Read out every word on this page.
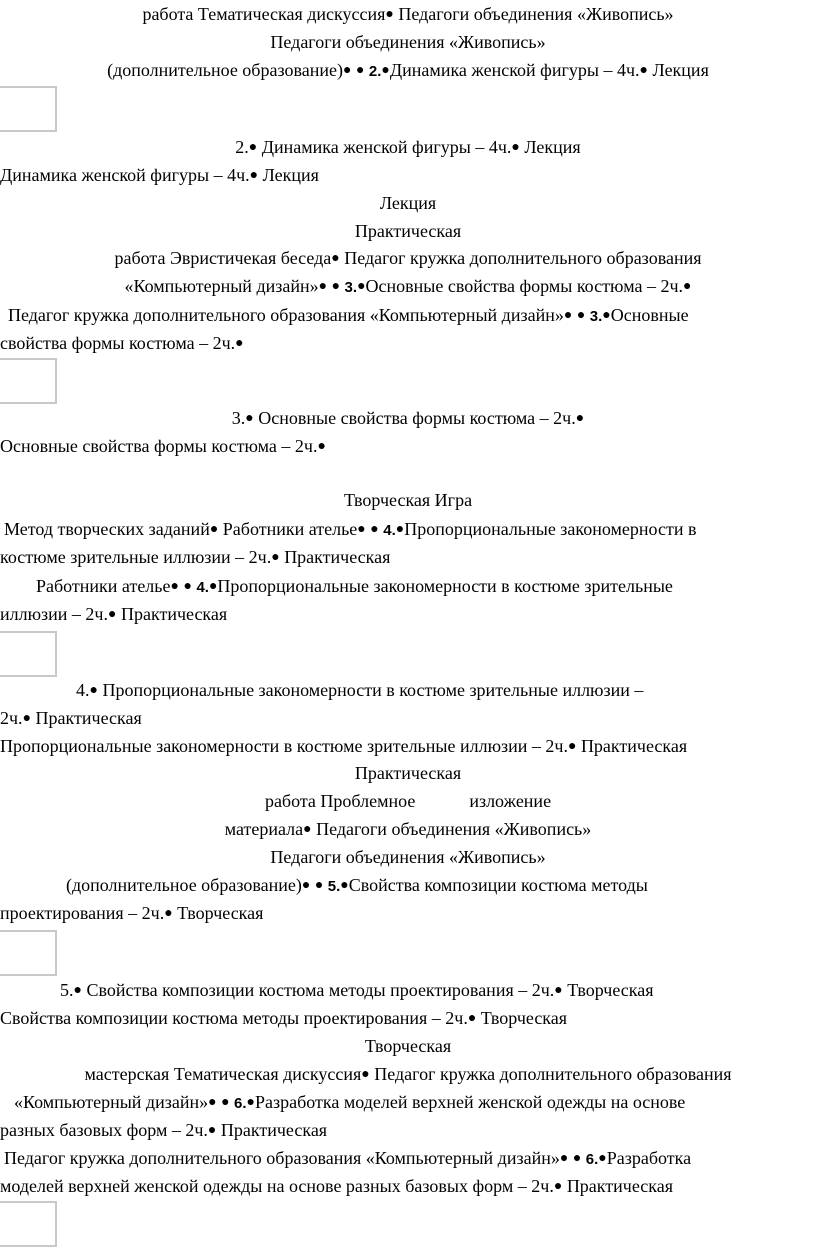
работа Тематическая дискуссия● Педагоги объединения «Живопись»
Педагоги объединения «Живопись»
(дополнительное образование)● ● 2.●Динамика женской фигуры – 4ч.● Лекция
2.● Динамика женской фигуры – 4ч.● Лекция
Динамика женской фигуры – 4ч.● Лекция
Лекция
Практическая
работа Эвристичекая беседа● Педагог кружка дополнительного образования
«Компьютерный дизайн»● ● 3.●Основные свойства формы костюма – 2ч.●
Педагог кружка дополнительного образования «Компьютерный дизайн»● ● 3.●Основные
свойства формы костюма – 2ч.●
3.● Основные свойства формы костюма – 2ч.●
Основные свойства формы костюма – 2ч.●
Творческая Игра
Метод творческих заданий● Работники ателье● ● 4.●Пропорциональные закономерности в
костюме зрительные иллюзии – 2ч.● Практическая
Работники ателье● ● 4.●Пропорциональные закономерности в костюме зрительные
иллюзии – 2ч.● Практическая
4.● Пропорциональные закономерности в костюме зрительные иллюзии –
2ч.● Практическая
Пропорциональные закономерности в костюме зрительные иллюзии – 2ч.● Практическая
Практическая
работа Проблемное            изложение
материала● Педагоги объединения «Живопись»
Педагоги объединения «Живопись»
(дополнительное образование)● ● 5.●Свойства композиции костюма методы
проектирования – 2ч.● Творческая
5.● Свойства композиции костюма методы проектирования – 2ч.● Творческая
Свойства композиции костюма методы проектирования – 2ч.● Творческая
Творческая
мастерская Тематическая дискуссия● Педагог кружка дополнительного образования
«Компьютерный дизайн»● ● 6.●Разработка моделей верхней женской одежды на основе
разных базовых форм – 2ч.● Практическая
Педагог кружка дополнительного образования «Компьютерный дизайн»● ● 6.●Разработка
моделей верхней женской одежды на основе разных базовых форм – 2ч.● Практическая
